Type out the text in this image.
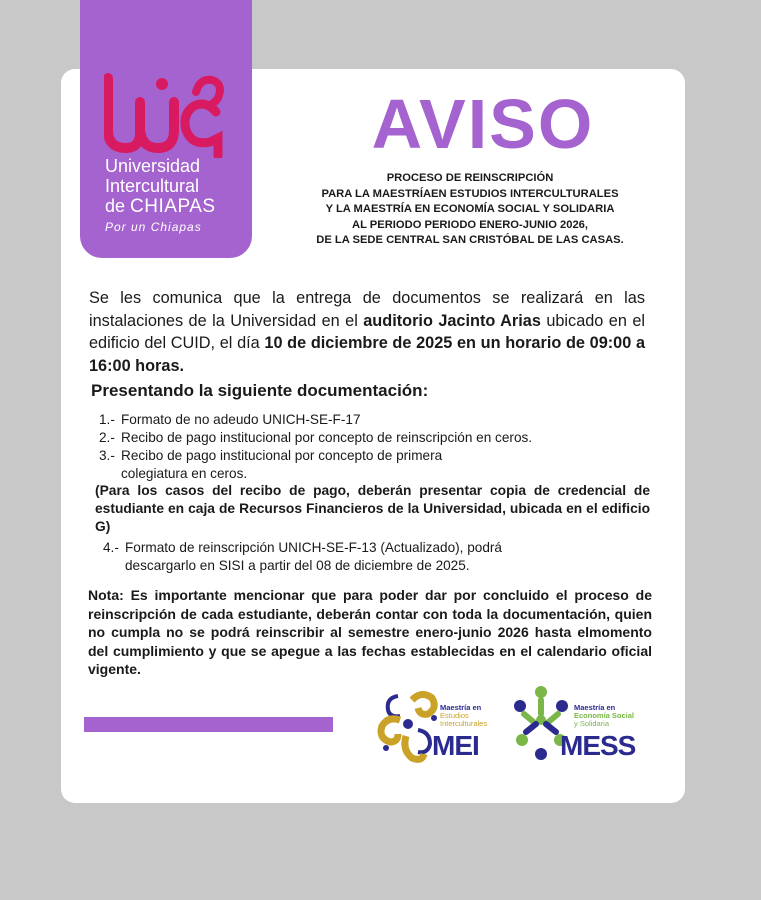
Universidad
Intercultural
de CHIAPAS
Por un Chiapas
igualitario y plural AVISO
PROCESO DE REINSCRIPCIÓN
PARA LA MAESTRÍAEN ESTUDIOS INTERCULTURALES
Y LA MAESTRÍA EN ECONOMÍA SOCIAL Y SOLIDARIA
AL PERIODO PERIODO ENERO-JUNIO 2026,
DE LA SEDE CENTRAL SAN CRISTÓBAL DE LAS CASAS.
Se les comunica que la entrega de documentos se realizará en las instalaciones de la Universidad en el auditorio Jacinto Arias ubicado en el edificio del CUID, el día 10 de diciembre de 2025 en un horario de 09:00 a 16:00 horas.
Presentando la siguiente documentación:
1.- Formato de no adeudo UNICH-SE-F-17
2.- Recibo de pago institucional por concepto de reinscripción en ceros.
3.- Recibo de pago institucional por concepto de primera
colegiatura en ceros.
(Para los casos del recibo de pago, deberán presentar copia de credencial de estudiante en caja de Recursos Financieros de la Universidad, ubicada en el edificio G)
4.- Formato de reinscripción UNICH-SE-F-13 (Actualizado), podrá
descargarlo en SISI a partir del 08 de diciembre de 2025.
Nota: Es importante mencionar que para poder dar por concluido el proceso de reinscripción de cada estudiante, deberán contar con toda la documentación, quien no cumpla no se podrá reinscribir al semestre enero-junio 2026 hasta elmomento del cumplimiento y que se apegue a las fechas establecidas en el calendario oficial vigente.
Maestría en
Estudios
Interculturales
MEI
Maestría en
Economía Social
y Solidaria
MESS
